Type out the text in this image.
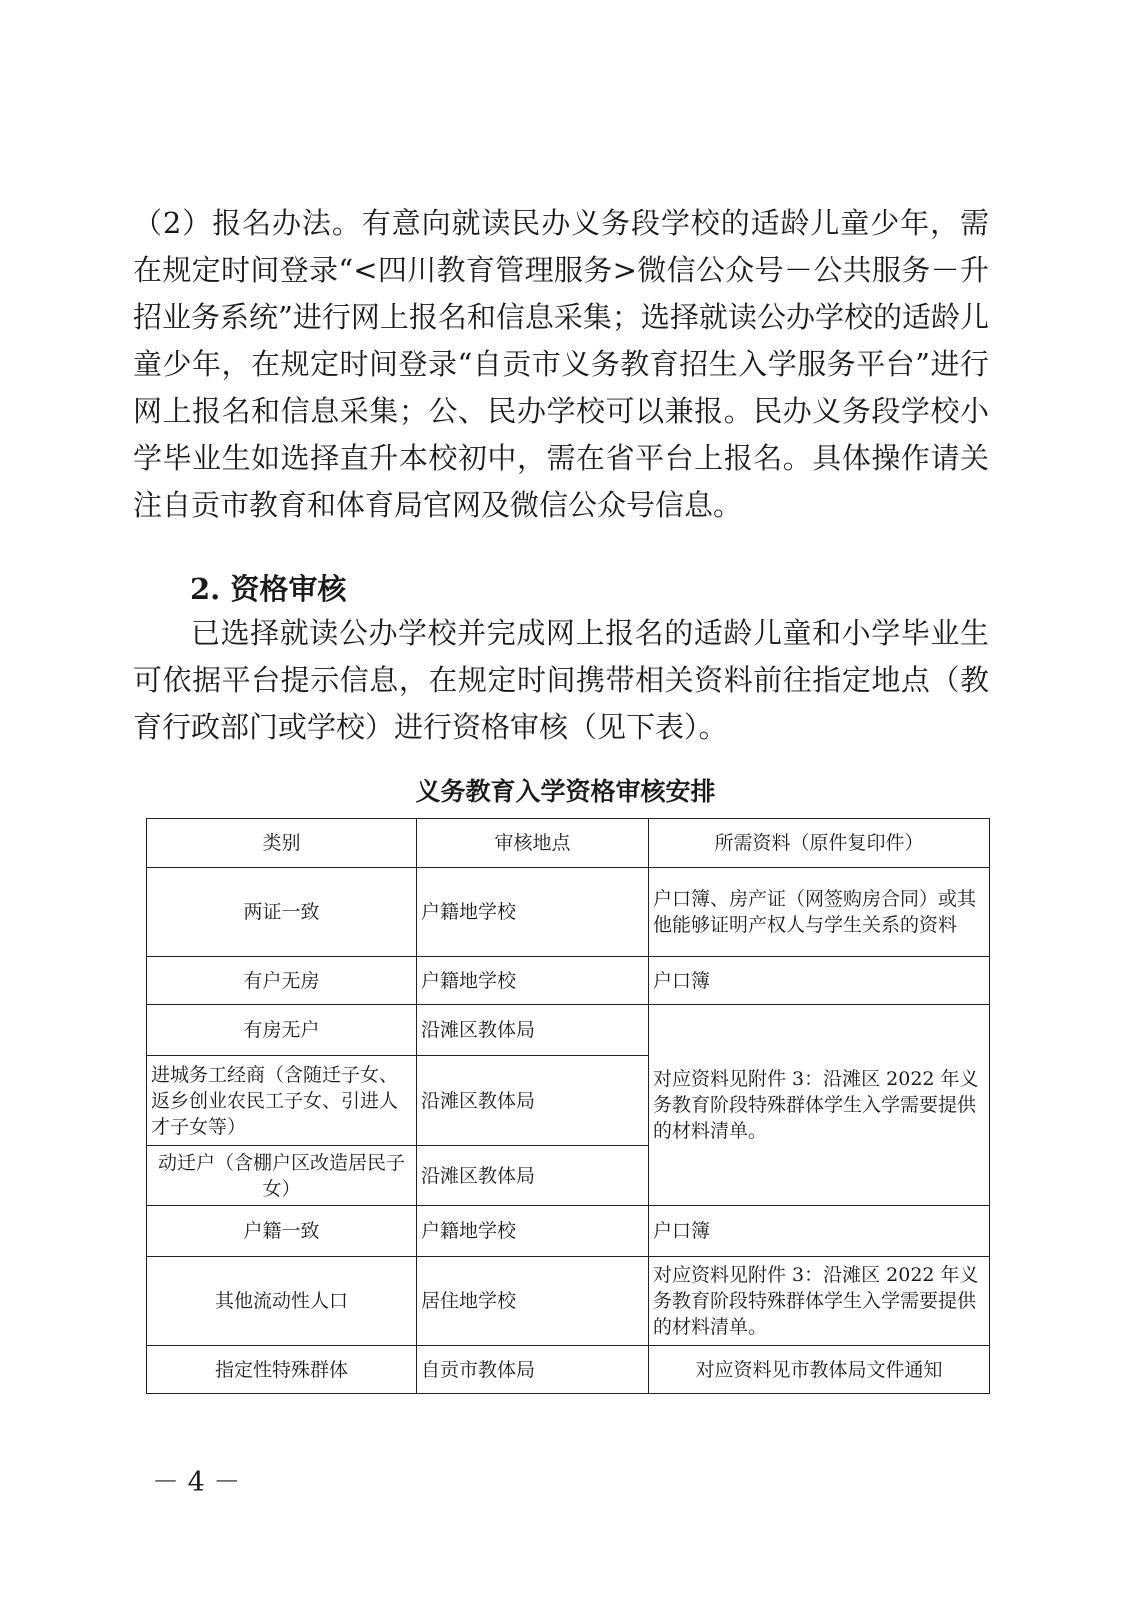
（2）报名办法。有意向就读民办义务段学校的适龄儿童少年，需在规定时间登录“<四川教育管理服务>微信公众号－公共服务－升招业务系统”进行网上报名和信息采集；选择就读公办学校的适龄儿童少年，在规定时间登录“自贡市义务教育招生入学服务平台”进行网上报名和信息采集；公、民办学校可以兼报。民办义务段学校小学毕业生如选择直升本校初中，需在省平台上报名。具体操作请关注自贡市教育和体育局官网及微信公众号信息。

2. 资格审核

已选择就读公办学校并完成网上报名的适龄儿童和小学毕业生可依据平台提示信息，在规定时间携带相关资料前往指定地点（教育行政部门或学校）进行资格审核（见下表）。

义务教育入学资格审核安排

类别	审核地点	所需资料（原件复印件）
两证一致	户籍地学校	户口簿、房产证（网签购房合同）或其他能够证明产权人与学生关系的资料
有户无房	户籍地学校	户口簿
有房无户	沿滩区教体局	对应资料见附件 3：沿滩区 2022 年义务教育阶段特殊群体学生入学需要提供的材料清单。
进城务工经商（含随迁子女、返乡创业农民工子女、引进人才子女等）	沿滩区教体局	
动迁户（含棚户区改造居民子女）	沿滩区教体局	
户籍一致	户籍地学校	户口簿
其他流动性人口	居住地学校	对应资料见附件 3：沿滩区 2022 年义务教育阶段特殊群体学生入学需要提供的材料清单。
指定性特殊群体	自贡市教体局	对应资料见市教体局文件通知

－ 4 －
